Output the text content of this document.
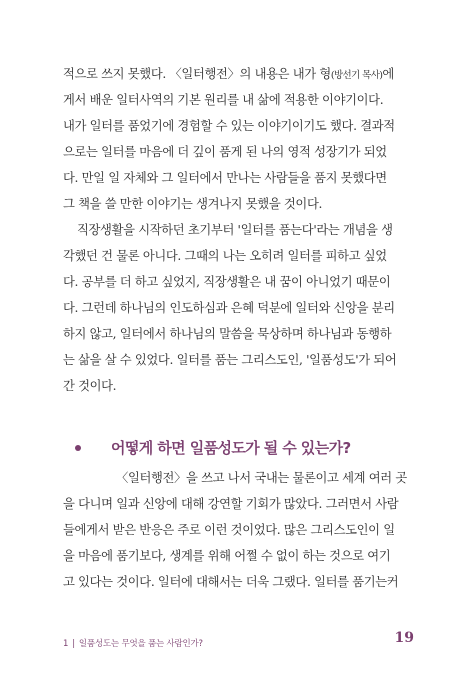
적으로 쓰지 못했다. 〈일터행전〉의 내용은 내가 형(방선기 목사)에
게서 배운 일터사역의 기본 원리를 내 삶에 적용한 이야기이다.
내가 일터를 품었기에 경험할 수 있는 이야기이기도 했다. 결과적
으로는 일터를 마음에 더 깊이 품게 된 나의 영적 성장기가 되었
다. 만일 일 자체와 그 일터에서 만나는 사람들을 품지 못했다면
그 책을 쓸 만한 이야기는 생겨나지 못했을 것이다.
직장생활을 시작하던 초기부터 '일터를 품는다'라는 개념을 생
각했던 건 물론 아니다. 그때의 나는 오히려 일터를 피하고 싶었
다. 공부를 더 하고 싶었지, 직장생활은 내 꿈이 아니었기 때문이
다. 그런데 하나님의 인도하심과 은혜 덕분에 일터와 신앙을 분리
하지 않고, 일터에서 하나님의 말씀을 묵상하며 하나님과 동행하
는 삶을 살 수 있었다. 일터를 품는 그리스도인, '일품성도'가 되어
간 것이다.
어떻게 하면 일품성도가 될 수 있는가?
〈일터행전〉을 쓰고 나서 국내는 물론이고 세계 여러 곳
을 다니며 일과 신앙에 대해 강연할 기회가 많았다. 그러면서 사람
들에게서 받은 반응은 주로 이런 것이었다. 많은 그리스도인이 일
을 마음에 품기보다, 생계를 위해 어쩔 수 없이 하는 것으로 여기
고 있다는 것이다. 일터에 대해서는 더욱 그랬다. 일터를 품기는커
1 | 일품성도는 무엇을 품는 사람인가?	19
